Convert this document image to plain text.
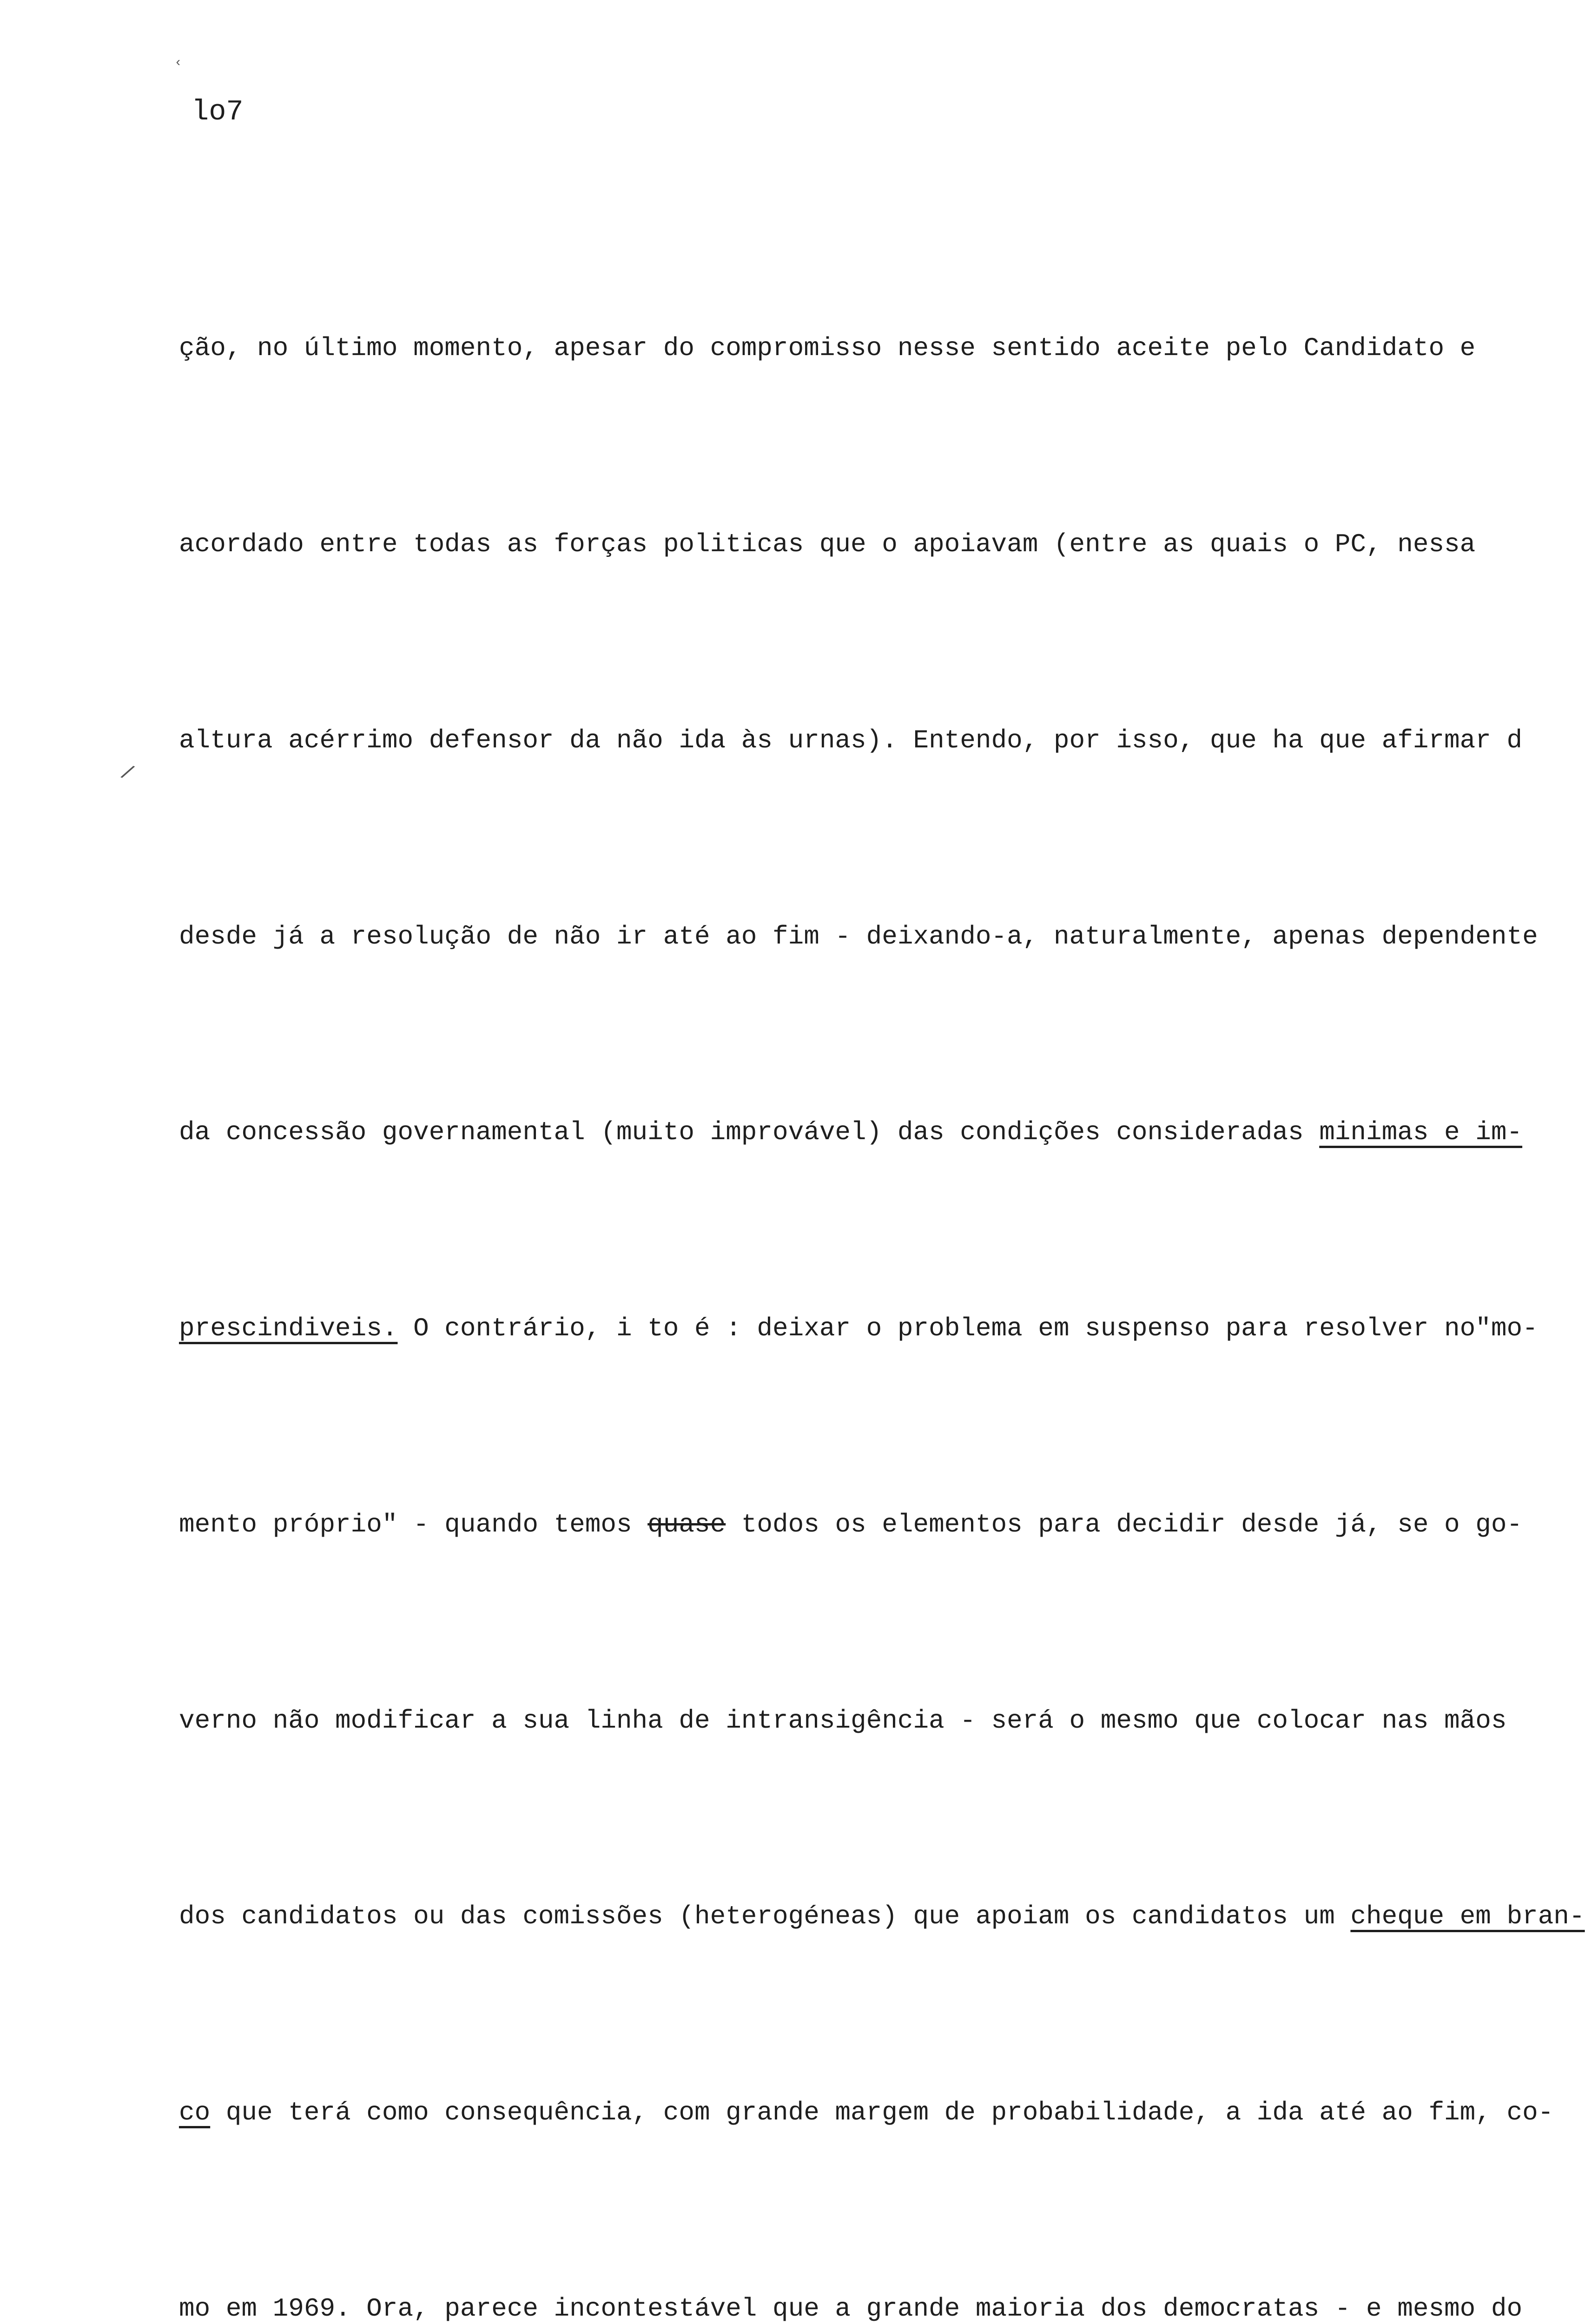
‹
/
lo7

ção, no último momento, apesar do compromisso nesse sentido aceite pelo Candidato e

acordado entre todas as forças politicas que o apoiavam (entre as quais o PC, nessa

altura acérrimo defensor da não ida às urnas). Entendo, por isso, que ha que afirmar d

desde já a resolução de não ir até ao fim - deixando-a, naturalmente, apenas dependente

da concessão governamental (muito improvável) das condições consideradas minimas e im-

prescindiveis. O contrário, i to é : deixar o problema em suspenso para resolver no"mo-

mento próprio" - quando temos quase todos os elementos para decidir desde já, se o go-

verno não modificar a sua linha de intransigência - será o mesmo que colocar nas mãos

dos candidatos ou das comissões (heterogéneas) que apoiam os candidatos um cheque em bran-

co que terá como consequência, com grande margem de probabilidade, a ida até ao fim, co-

mo em 1969. Ora, parece incontestável que a grande maioria dos democratas - e mesmo do
